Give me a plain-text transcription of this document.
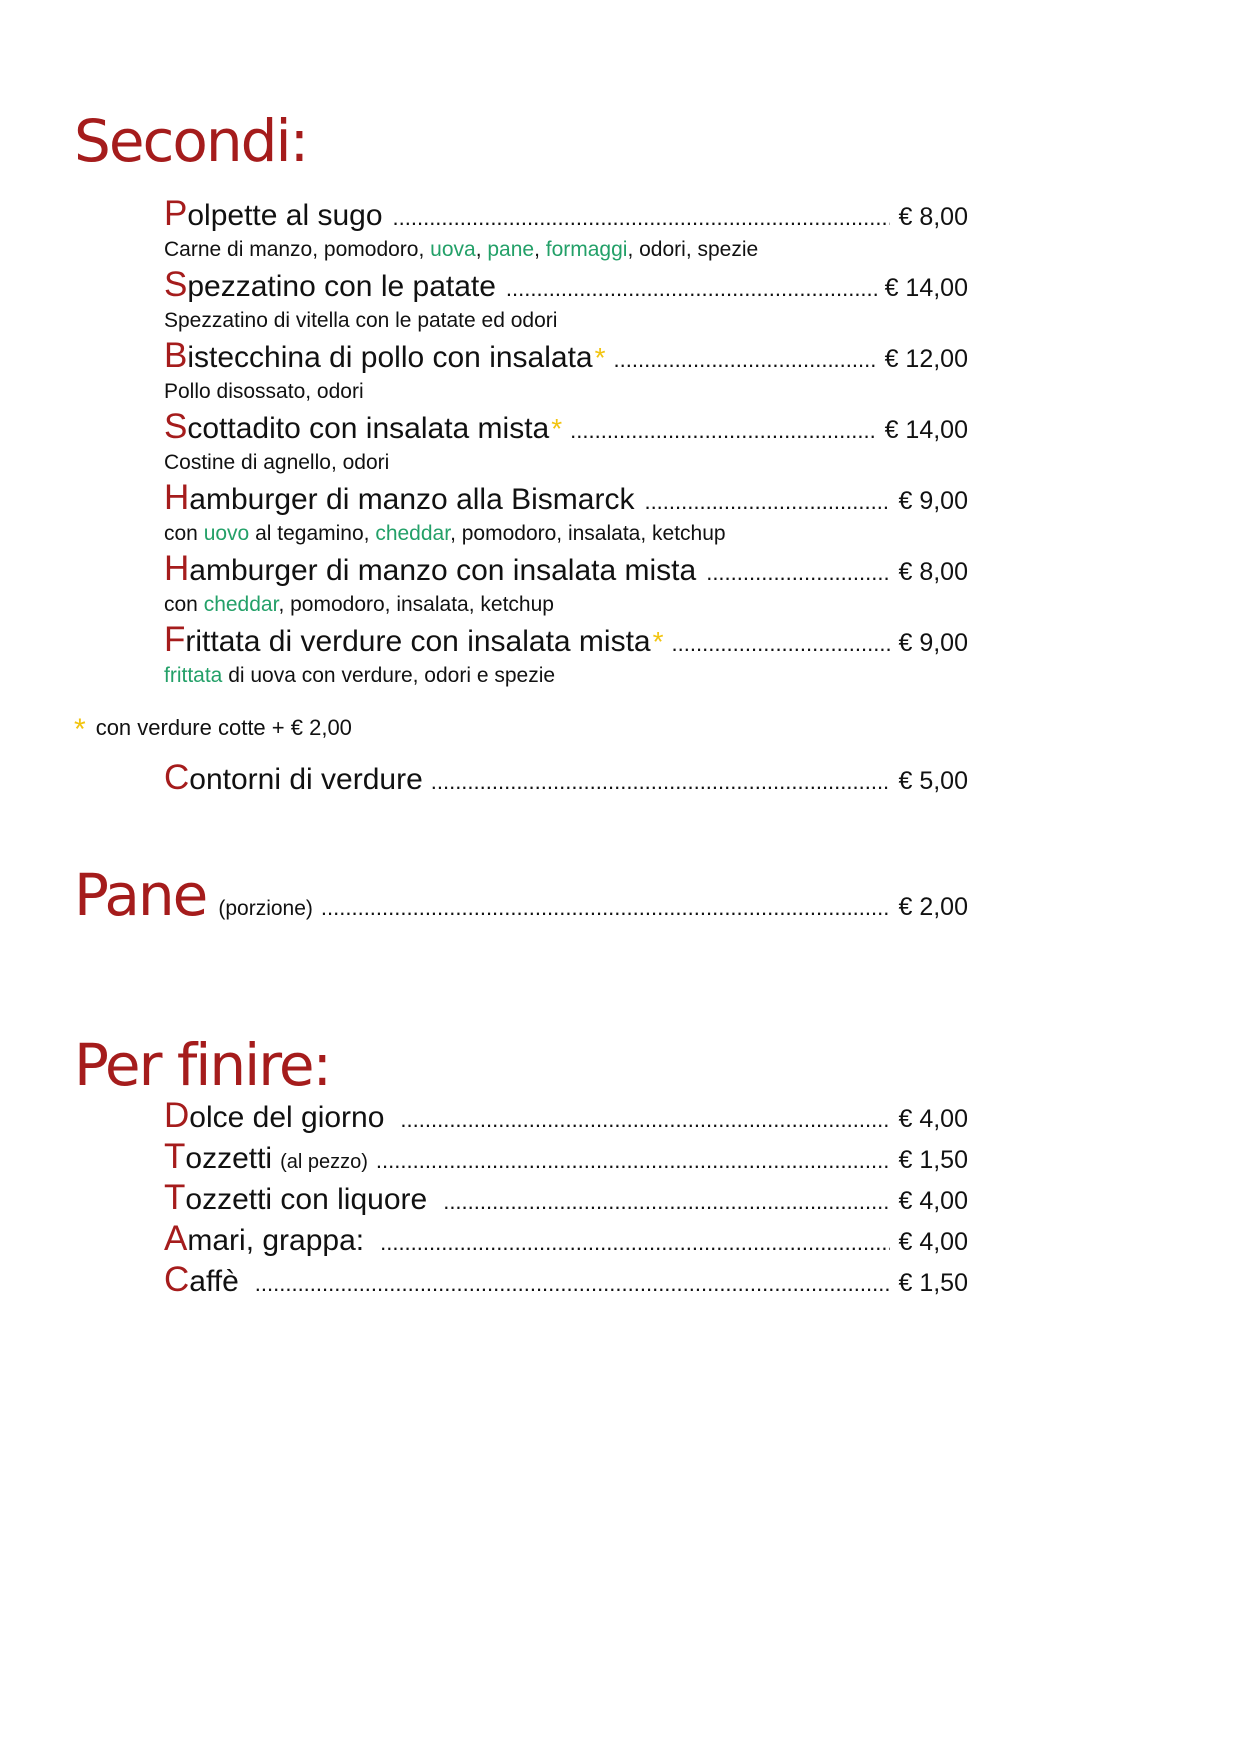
Secondi:
P olpette al sugo .....	€ 8,00
Carne di manzo, pomodoro, uova, pane, formaggi, odori, spezie
S pezzatino con le patate .....	€ 14,00
Spezzatino di vitella con le patate ed odori
B istecchina di pollo con insalata * .....	€ 12,00
Pollo disossato, odori
S cottadito con insalata mista * .....	€ 14,00
Costine di agnello, odori
H amburger di manzo alla Bismarck .....	€ 9,00
con uovo al tegamino, cheddar, pomodoro, insalata, ketchup
H amburger di manzo con insalata mista .....	€ 8,00
con cheddar, pomodoro, insalata, ketchup
F rittata di verdure con insalata mista * .....	€ 9,00
frittata di uova con verdure, odori e spezie
* con verdure cotte + € 2,00
C ontorni di verdure .....	€ 5,00
Pane (porzione) .....	€ 2,00
Per finire:
D olce del giorno .....	€ 4,00
T ozzetti (al pezzo) .....	€ 1,50
T ozzetti con liquore .....	€ 4,00
A mari, grappa: .....	€ 4,00
C affè .....	€ 1,50
